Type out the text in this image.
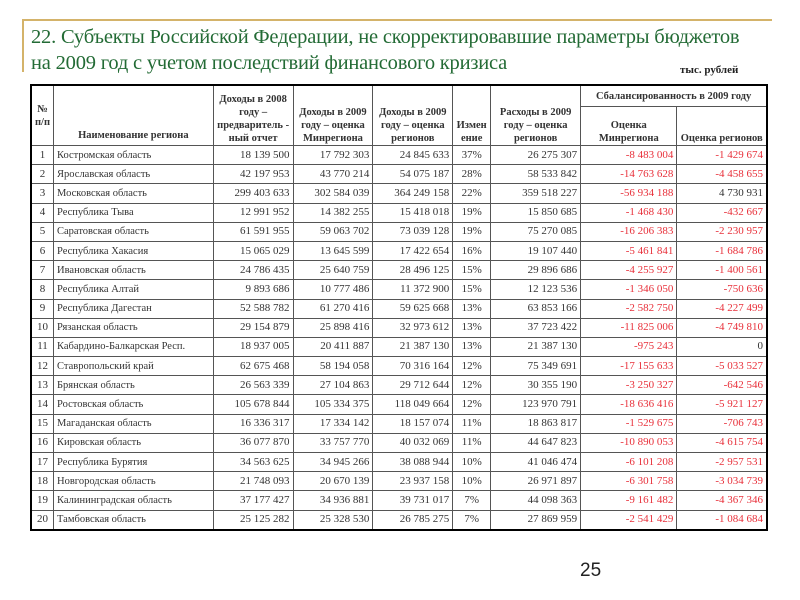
22. Субъекты Российской Федерации, не скорректировавшие параметры бюджетов на 2009 год с учетом последствий финансового кризиса	тыс. рублей
№ п/п	Наименование региона	Доходы в 2008 году – предваритель - ный отчет	Доходы в 2009 году – оценка Минрегиона	Доходы в 2009 году – оценка регионов	Измен ение	Расходы в 2009 году – оценка регионов	Сбалансированность в 2009 году	
							Оценка Минрегиона	Оценка регионов
1	Костромская область	18 139 500	17 792 303	24 845 633	37%	26 275 307	-8 483 004	-1 429 674
2	Ярославская область	42 197 953	43 770 214	54 075 187	28%	58 533 842	-14 763 628	-4 458 655
3	Московская область	299 403 633	302 584 039	364 249 158	22%	359 518 227	-56 934 188	4 730 931
4	Республика Тыва	12 991 952	14 382 255	15 418 018	19%	15 850 685	-1 468 430	-432 667
5	Саратовская область	61 591 955	59 063 702	73 039 128	19%	75 270 085	-16 206 383	-2 230 957
6	Республика Хакасия	15 065 029	13 645 599	17 422 654	16%	19 107 440	-5 461 841	-1 684 786
7	Ивановская область	24 786 435	25 640 759	28 496 125	15%	29 896 686	-4 255 927	-1 400 561
8	Республика Алтай	9 893 686	10 777 486	11 372 900	15%	12 123 536	-1 346 050	-750 636
9	Республика Дагестан	52 588 782	61 270 416	59 625 668	13%	63 853 166	-2 582 750	-4 227 499
10	Рязанская область	29 154 879	25 898 416	32 973 612	13%	37 723 422	-11 825 006	-4 749 810
11	Кабардино-Балкарская Респ.	18 937 005	20 411 887	21 387 130	13%	21 387 130	-975 243	0
12	Ставропольский край	62 675 468	58 194 058	70 316 164	12%	75 349 691	-17 155 633	-5 033 527
13	Брянская область	26 563 339	27 104 863	29 712 644	12%	30 355 190	-3 250 327	-642 546
14	Ростовская область	105 678 844	105 334 375	118 049 664	12%	123 970 791	-18 636 416	-5 921 127
15	Магаданская область	16 336 317	17 334 142	18 157 074	11%	18 863 817	-1 529 675	-706 743
16	Кировская область	36 077 870	33 757 770	40 032 069	11%	44 647 823	-10 890 053	-4 615 754
17	Республика Бурятия	34 563 625	34 945 266	38 088 944	10%	41 046 474	-6 101 208	-2 957 531
18	Новгородская область	21 748 093	20 670 139	23 937 158	10%	26 971 897	-6 301 758	-3 034 739
19	Калининградская область	37 177 427	34 936 881	39 731 017	7%	44 098 363	-9 161 482	-4 367 346
20	Тамбовская область	25 125 282	25 328 530	26 785 275	7%	27 869 959	-2 541 429	-1 084 684
25
